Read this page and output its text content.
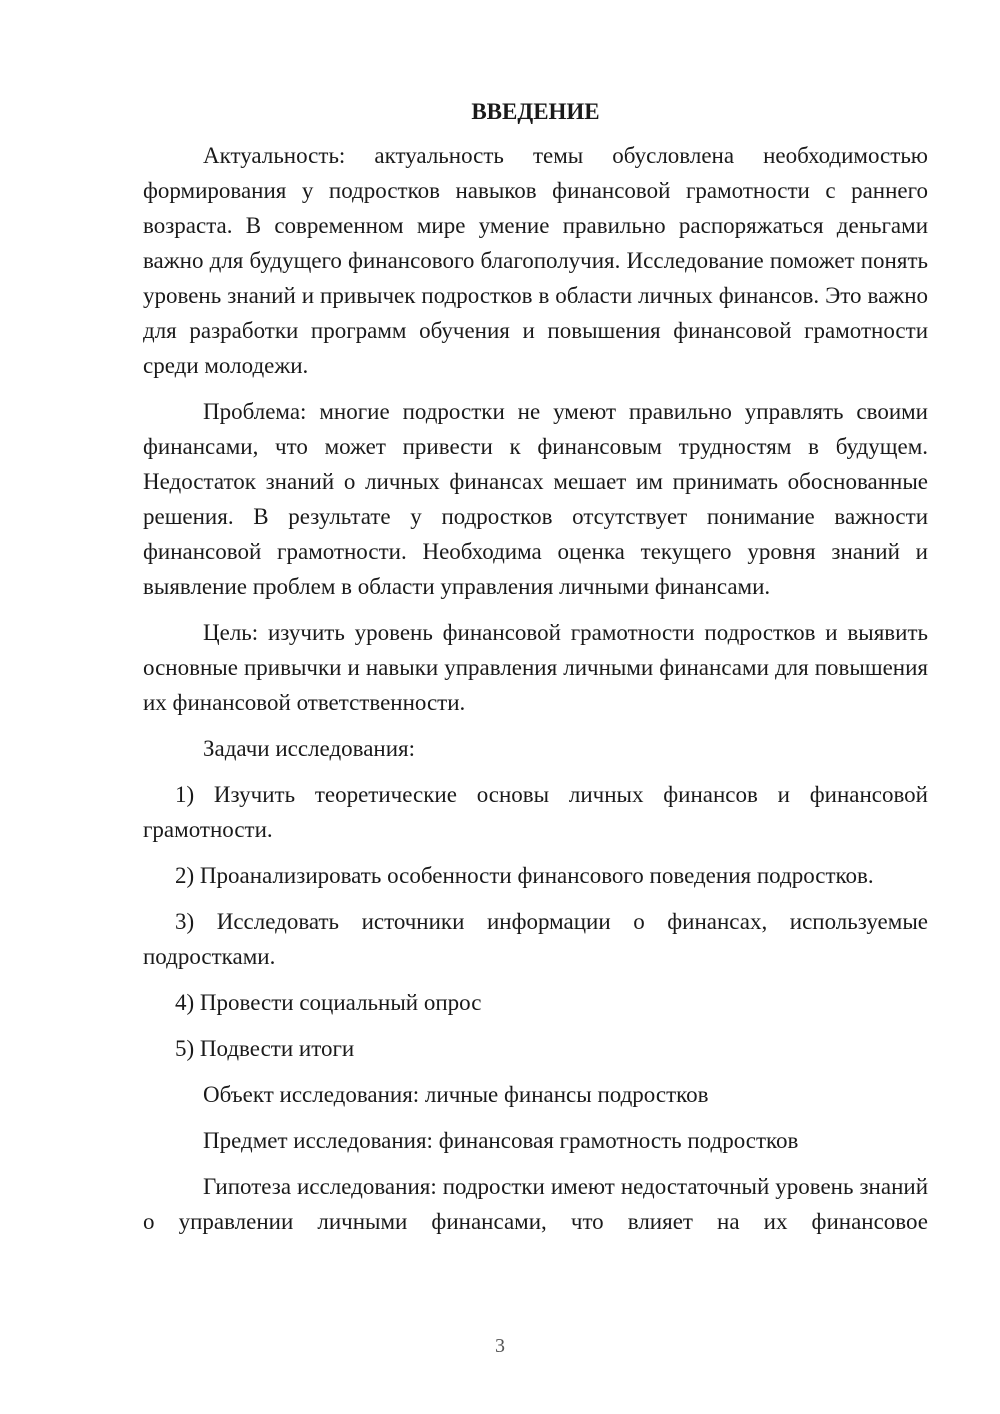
ВВЕДЕНИЕ

Актуальность: актуальность темы обусловлена необходимостью формирования у подростков навыков финансовой грамотности с раннего возраста. В современном мире умение правильно распоряжаться деньгами важно для будущего финансового благополучия. Исследование поможет понять уровень знаний и привычек подростков в области личных финансов. Это важно для разработки программ обучения и повышения финансовой грамотности среди молодежи.

Проблема: многие подростки не умеют правильно управлять своими финансами, что может привести к финансовым трудностям в будущем. Недостаток знаний о личных финансах мешает им принимать обоснованные решения. В результате у подростков отсутствует понимание важности финансовой грамотности. Необходима оценка текущего уровня знаний и выявление проблем в области управления личными финансами.

Цель: изучить уровень финансовой грамотности подростков и выявить основные привычки и навыки управления личными финансами для повышения их финансовой ответственности.

Задачи исследования:

1) Изучить теоретические основы личных финансов и финансовой грамотности.

2) Проанализировать особенности финансового поведения подростков.

3) Исследовать источники информации о финансах, используемые подростками.

4) Провести социальный опрос

5) Подвести итоги

Объект исследования: личные финансы подростков

Предмет исследования: финансовая грамотность подростков

Гипотеза исследования: подростки имеют недостаточный уровень знаний о управлении личными финансами, что влияет на их финансовое

3
